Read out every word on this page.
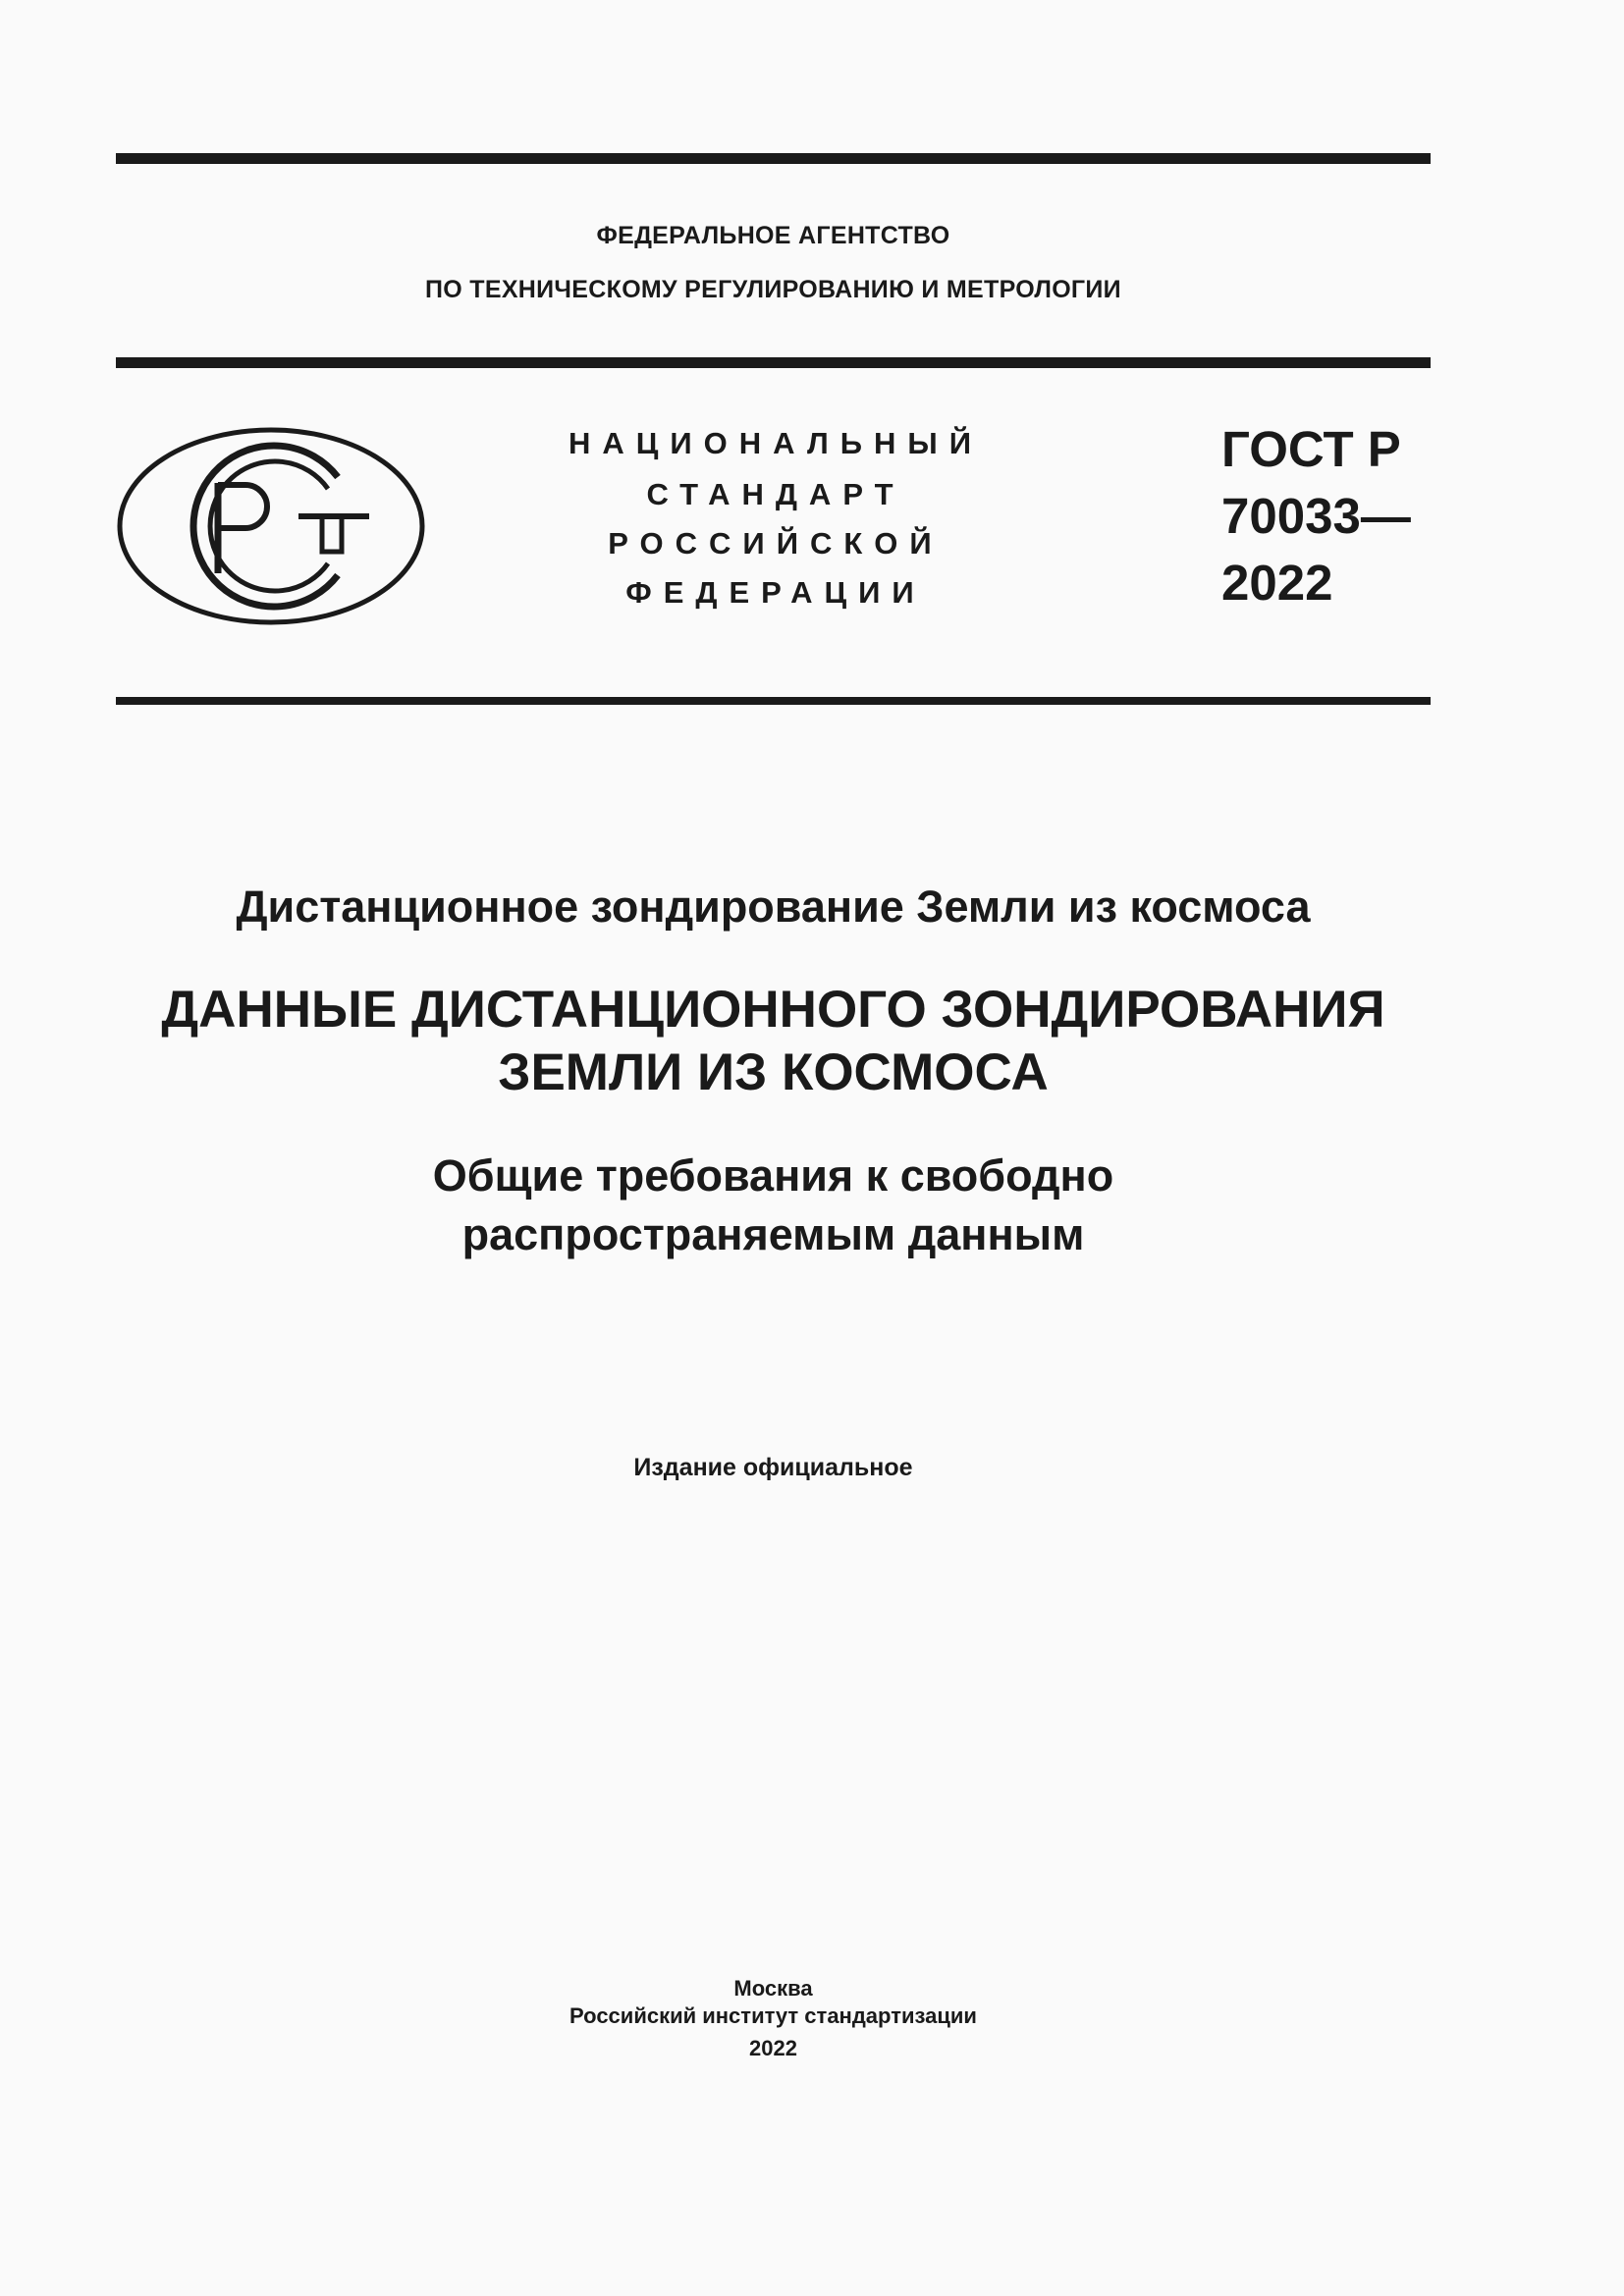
ФЕДЕРАЛЬНОЕ АГЕНТСТВО
ПО ТЕХНИЧЕСКОМУ РЕГУЛИРОВАНИЮ И МЕТРОЛОГИИ
НАЦИОНАЛЬНЫЙ
СТАНДАРТ
РОССИЙСКОЙ
ФЕДЕРАЦИИ
ГОСТ Р
70033—
2022
Дистанционное зондирование Земли из космоса
ДАННЫЕ ДИСТАНЦИОННОГО ЗОНДИРОВАНИЯ
ЗЕМЛИ ИЗ КОСМОСА
Общие требования к свободно
распространяемым данным
Издание официальное
Москва
Российский институт стандартизации
2022
